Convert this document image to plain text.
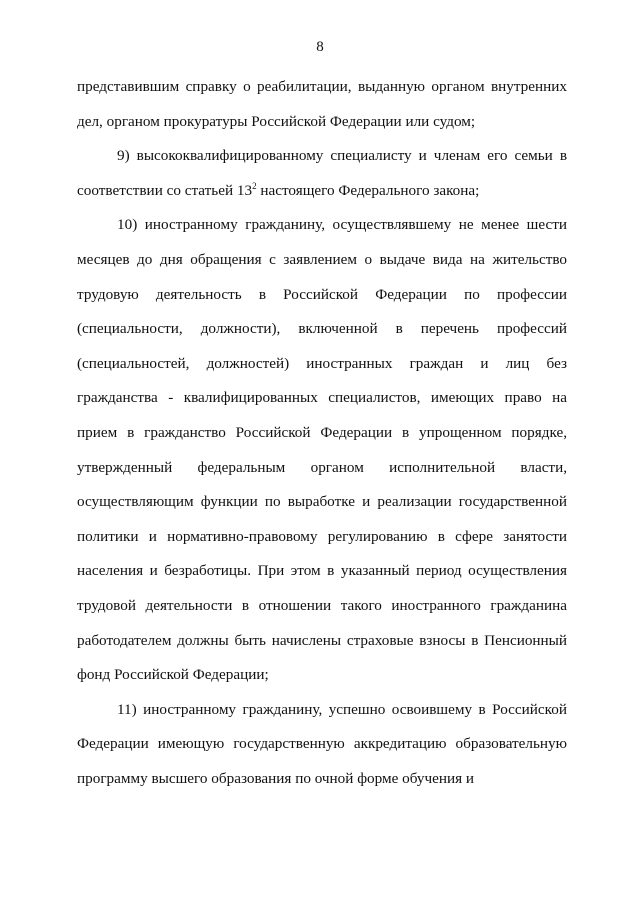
8

представившим справку о реабилитации, выданную органом внутренних дел, органом прокуратуры Российской Федерации или судом;

9) высококвалифицированному специалисту и членам его семьи в соответствии со статьей $13^2$ настоящего Федерального закона;

10) иностранному гражданину, осуществлявшему не менее шести месяцев до дня обращения с заявлением о выдаче вида на жительство трудовую деятельность в Российской Федерации по профессии (специальности, должности), включенной в перечень профессий (специальностей, должностей) иностранных граждан и лиц без гражданства - квалифицированных специалистов, имеющих право на прием в гражданство Российской Федерации в упрощенном порядке, утвержденный федеральным органом исполнительной власти, осуществляющим функции по выработке и реализации государственной политики и нормативно-правовому регулированию в сфере занятости населения и безработицы. При этом в указанный период осуществления трудовой деятельности в отношении такого иностранного гражданина работодателем должны быть начислены страховые взносы в Пенсионный фонд Российской Федерации;

11) иностранному гражданину, успешно освоившему в Российской Федерации имеющую государственную аккредитацию образовательную программу высшего образования по очной форме обучения и
